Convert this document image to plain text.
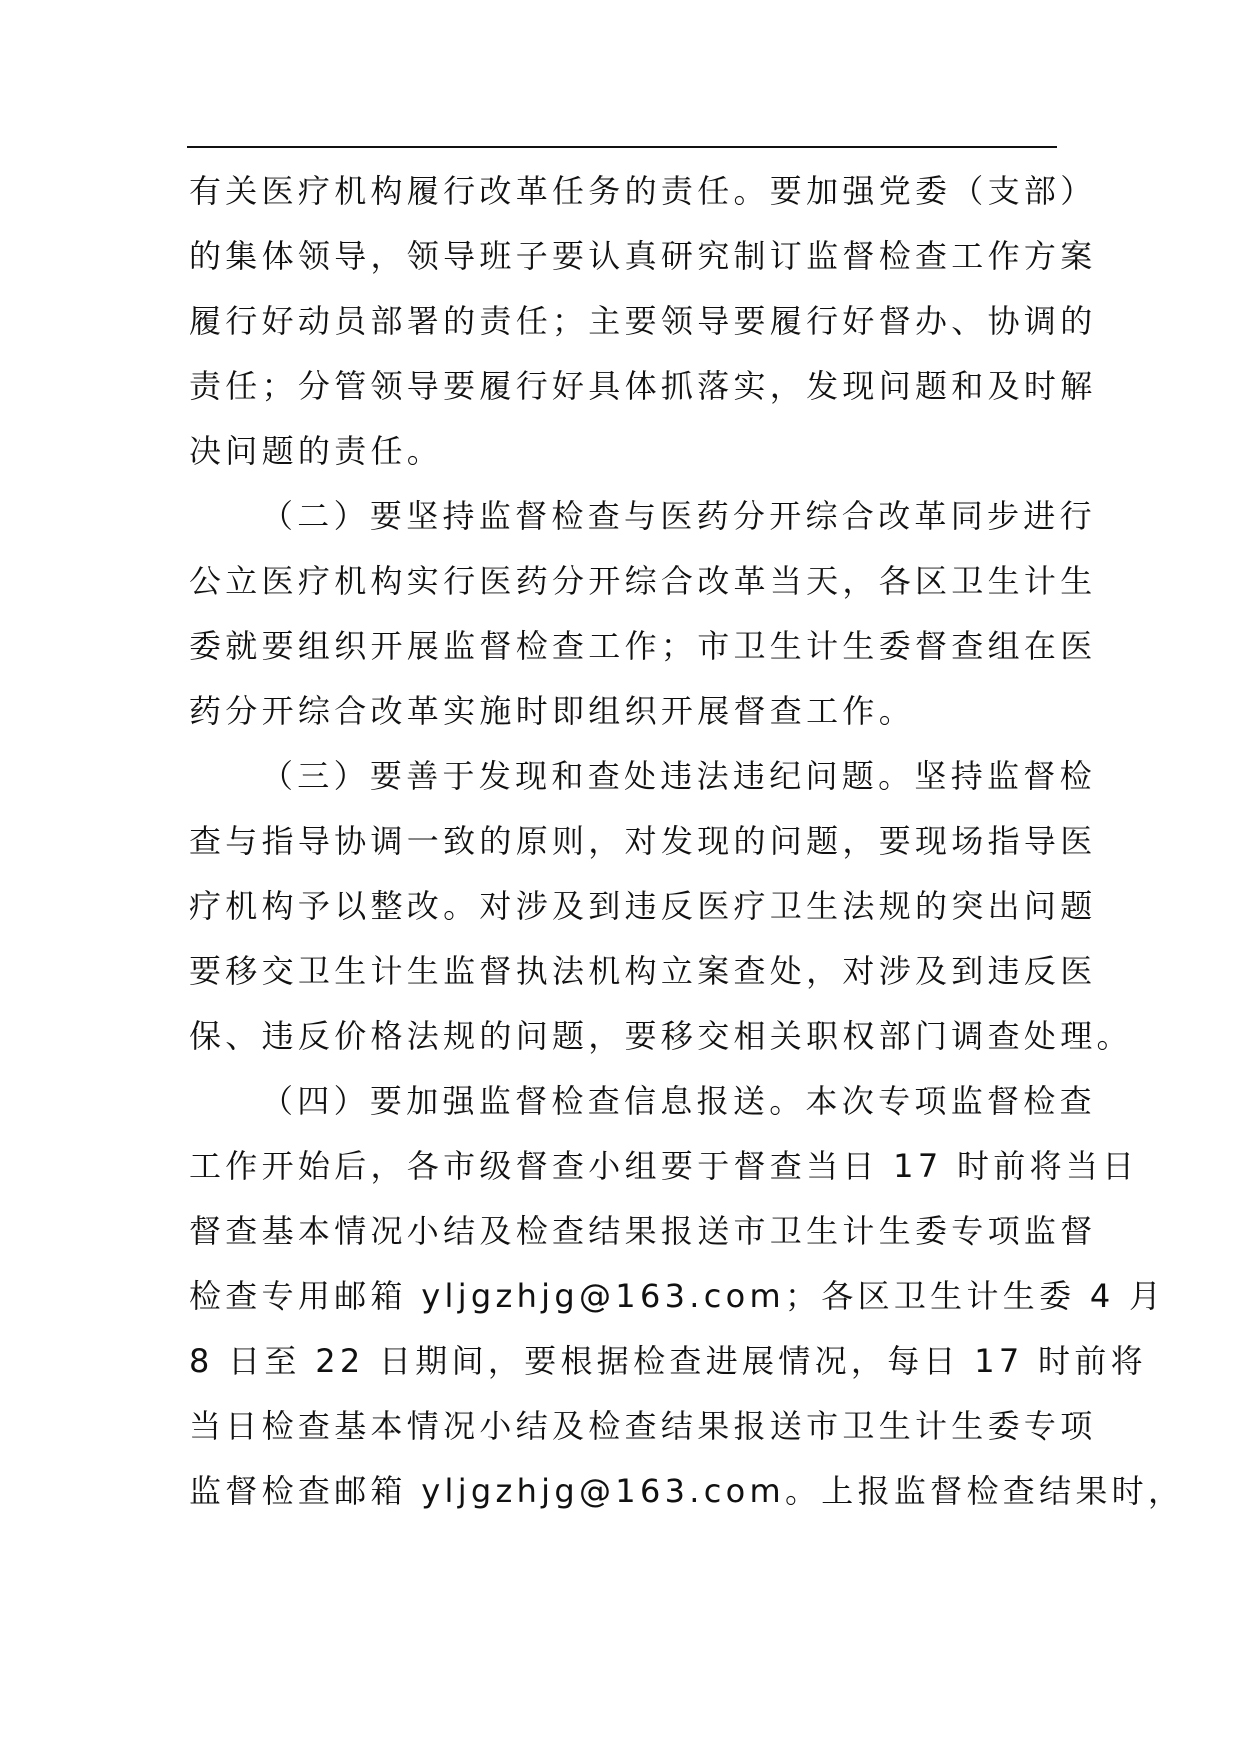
有关医疗机构履行改革任务的责任。要加强党委（支部）
的集体领导，领导班子要认真研究制订监督检查工作方案
履行好动员部署的责任；主要领导要履行好督办、协调的
责任；分管领导要履行好具体抓落实，发现问题和及时解
决问题的责任。
（二）要坚持监督检查与医药分开综合改革同步进行
公立医疗机构实行医药分开综合改革当天，各区卫生计生
委就要组织开展监督检查工作；市卫生计生委督查组在医
药分开综合改革实施时即组织开展督查工作。
（三）要善于发现和查处违法违纪问题。坚持监督检
查与指导协调一致的原则，对发现的问题，要现场指导医
疗机构予以整改。对涉及到违反医疗卫生法规的突出问题
要移交卫生计生监督执法机构立案查处，对涉及到违反医
保、违反价格法规的问题，要移交相关职权部门调查处理。
（四）要加强监督检查信息报送。本次专项监督检查
工作开始后，各市级督查小组要于督查当日 17 时前将当日
督查基本情况小结及检查结果报送市卫生计生委专项监督
检查专用邮箱 yljgzhjg@163.com；各区卫生计生委 4 月
8 日至 22 日期间，要根据检查进展情况，每日 17 时前将
当日检查基本情况小结及检查结果报送市卫生计生委专项
监督检查邮箱 yljgzhjg@163.com。上报监督检查结果时，
